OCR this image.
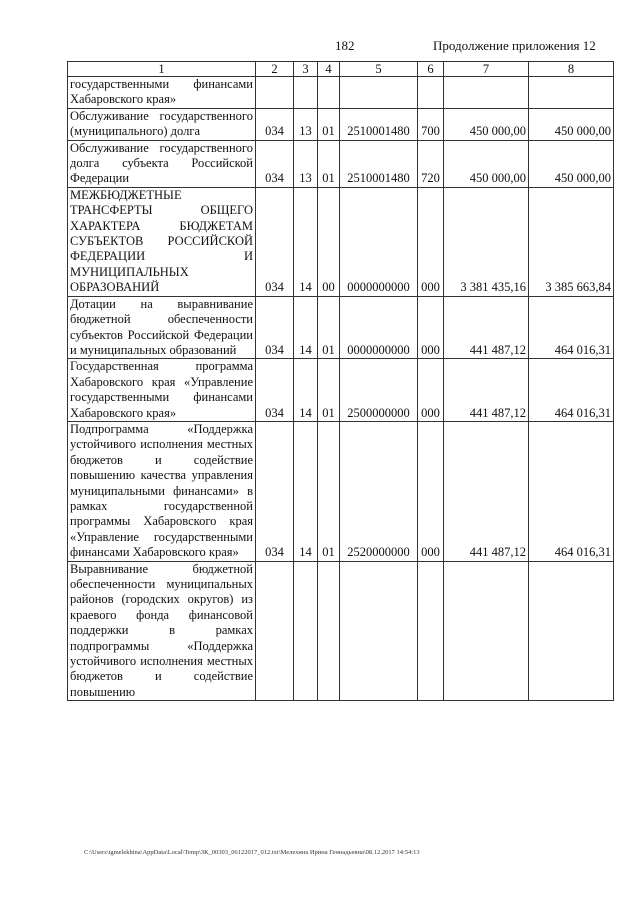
182	Продолжение приложения 12
1	2	3	4	5	6	7	8
государственными финансами Хабаровского края»							
Обслуживание государственного (муниципального) долга	034	13	01	2510001480	700	450 000,00	450 000,00
Обслуживание государственного долга субъекта Российской Федерации	034	13	01	2510001480	720	450 000,00	450 000,00
МЕЖБЮДЖЕТНЫЕ ТРАНСФЕРТЫ ОБЩЕГО ХАРАКТЕРА БЮДЖЕТАМ СУБЪЕКТОВ РОССИЙСКОЙ ФЕДЕРАЦИИ И МУНИЦИПАЛЬНЫХ ОБРАЗОВАНИЙ	034	14	00	0000000000	000	3 381 435,16	3 385 663,84
Дотации на выравнивание бюджетной обеспеченности субъектов Российской Федерации и муниципальных образований	034	14	01	0000000000	000	441 487,12	464 016,31
Государственная программа Хабаровского края «Управление государственными финансами Хабаровского края»	034	14	01	2500000000	000	441 487,12	464 016,31
Подпрограмма «Поддержка устойчивого исполнения местных бюджетов и содействие повышению качества управления муниципальными финансами» в рамках государственной программы Хабаровского края «Управление государственными финансами Хабаровского края»	034	14	01	2520000000	000	441 487,12	464 016,31
Выравнивание бюджетной обеспеченности муниципальных районов (городских округов) из краевого фонда финансовой поддержки в рамках подпрограммы «Поддержка устойчивого исполнения местных бюджетов и содействие повышению							
C:\Users\igmelekhina\AppData\Local\Temp\ЗК_00303_06122017_012.txt\Мелехина Ирина Геннадьевна\08.12.2017 14:54:13
